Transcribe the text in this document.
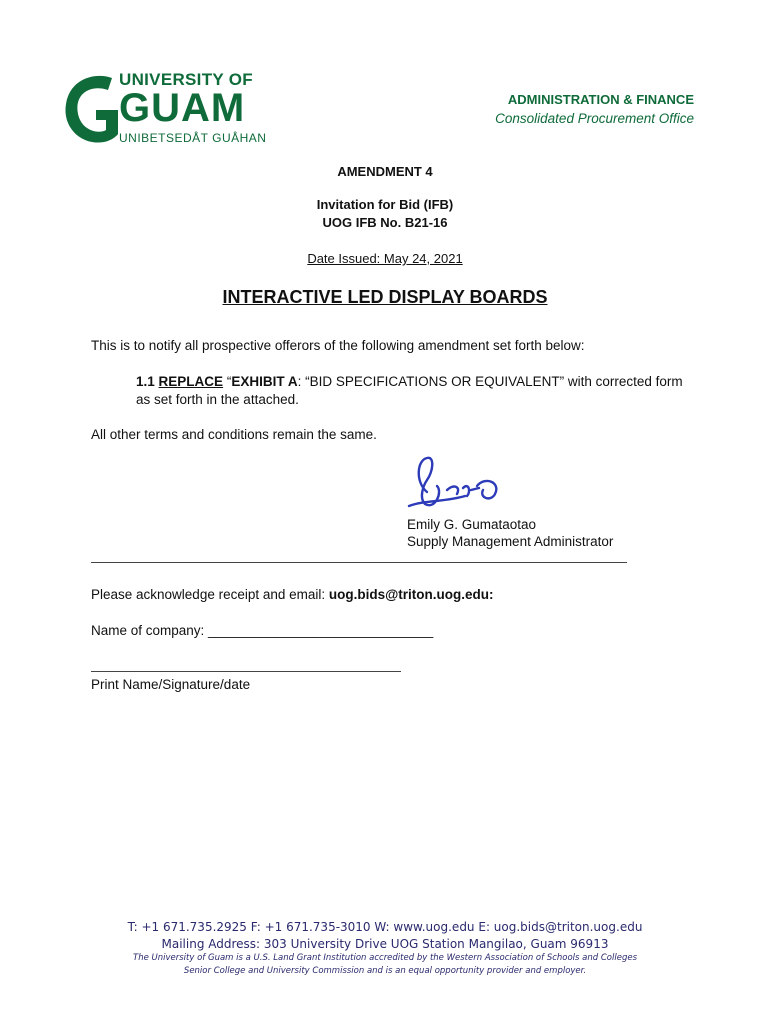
UNIVERSITY OF
GUAM
UNIBETSEDÅT GUÅHAN
ADMINISTRATION & FINANCE
Consolidated Procurement Office
AMENDMENT 4
Invitation for Bid (IFB)
UOG IFB No. B21-16
Date Issued: May 24, 2021
INTERACTIVE LED DISPLAY BOARDS
This is to notify all prospective offerors of the following amendment set forth below:
1.1 REPLACE “EXHIBIT A: “BID SPECIFICATIONS OR EQUIVALENT” with corrected form as set forth in the attached.
All other terms and conditions remain the same.
Emily G. Gumataotao
Supply Management Administrator
Please acknowledge receipt and email: uog.bids@triton.uog.edu:
Name of company: ______________________________
Print Name/Signature/date
T: +1 671.735.2925 F: +1 671.735-3010 W: www.uog.edu E: uog.bids@triton.uog.edu
Mailing Address: 303 University Drive UOG Station Mangilao, Guam 96913
The University of Guam is a U.S. Land Grant Institution accredited by the Western Association of Schools and Colleges
Senior College and University Commission and is an equal opportunity provider and employer.
